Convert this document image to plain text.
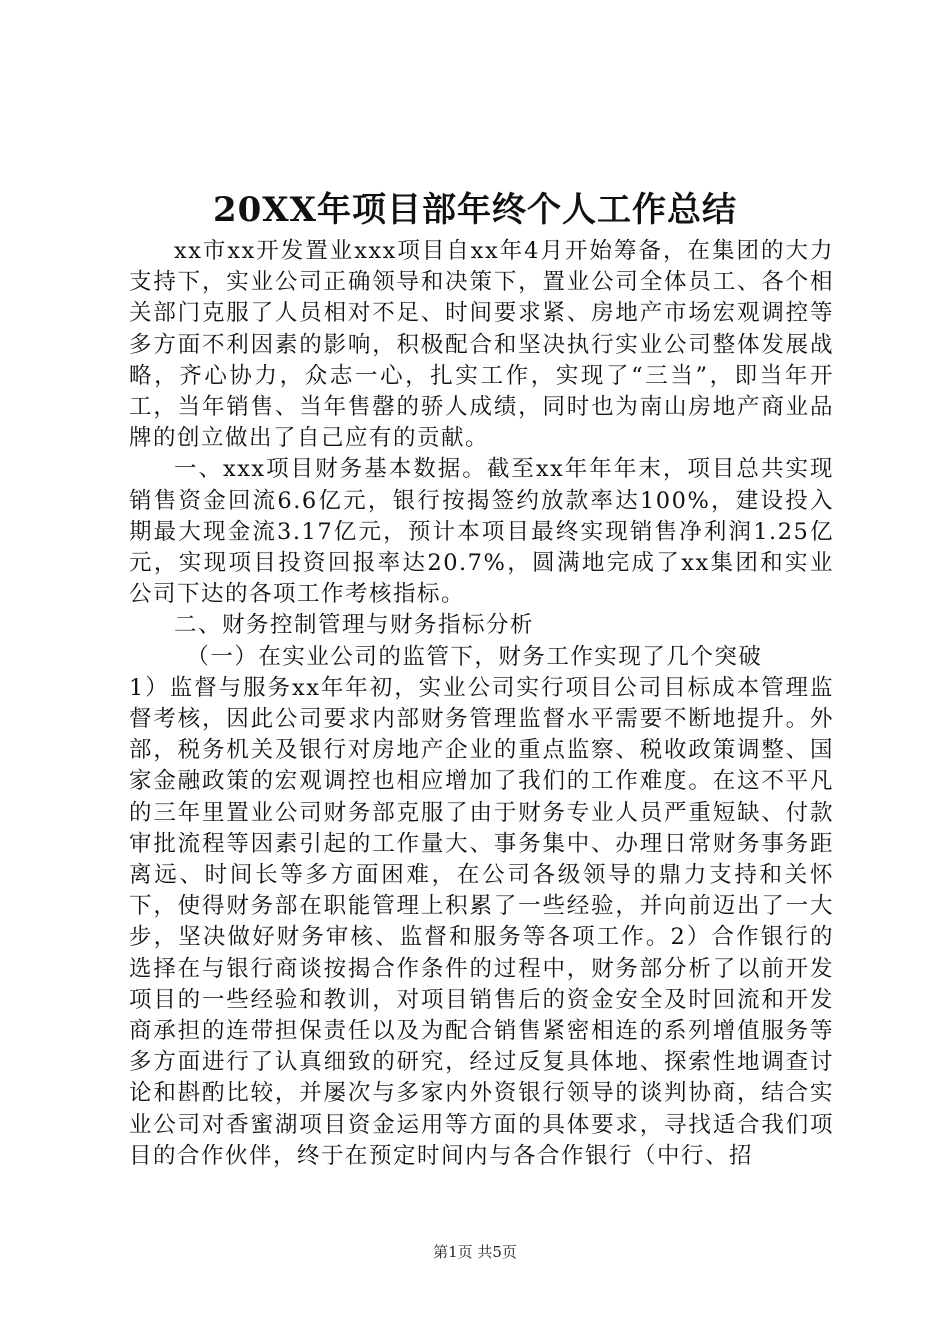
20XX年项目部年终个人工作总结

xx市xx开发置业xxx项目自xx年4月开始筹备，在集团的大力支持下，实业公司正确领导和决策下，置业公司全体员工、各个相关部门克服了人员相对不足、时间要求紧、房地产市场宏观调控等多方面不利因素的影响，积极配合和坚决执行实业公司整体发展战略，齐心协力，众志一心，扎实工作，实现了“三当”，即当年开工，当年销售、当年售罄的骄人成绩，同时也为南山房地产商业品牌的创立做出了自己应有的贡献。

一、xxx项目财务基本数据。截至xx年年年末，项目总共实现销售资金回流6.6亿元，银行按揭签约放款率达100%，建设投入期最大现金流3.17亿元，预计本项目最终实现销售净利润1.25亿元，实现项目投资回报率达20.7%，圆满地完成了xx集团和实业公司下达的各项工作考核指标。

二、财务控制管理与财务指标分析

（一）在实业公司的监管下，财务工作实现了几个突破

1）监督与服务xx年年初，实业公司实行项目公司目标成本管理监督考核，因此公司要求内部财务管理监督水平需要不断地提升。外部，税务机关及银行对房地产企业的重点监察、税收政策调整、国家金融政策的宏观调控也相应增加了我们的工作难度。在这不平凡的三年里置业公司财务部克服了由于财务专业人员严重短缺、付款审批流程等因素引起的工作量大、事务集中、办理日常财务事务距离远、时间长等多方面困难，在公司各级领导的鼎力支持和关怀下，使得财务部在职能管理上积累了一些经验，并向前迈出了一大步，坚决做好财务审核、监督和服务等各项工作。2）合作银行的选择在与银行商谈按揭合作条件的过程中，财务部分析了以前开发项目的一些经验和教训，对项目销售后的资金安全及时回流和开发商承担的连带担保责任以及为配合销售紧密相连的系列增值服务等多方面进行了认真细致的研究，经过反复具体地、探索性地调查讨论和斟酌比较，并屡次与多家内外资银行领导的谈判协商，结合实业公司对香蜜湖项目资金运用等方面的具体要求，寻找适合我们项目的合作伙伴，终于在预定时间内与各合作银行（中行、招

第1页 共5页
